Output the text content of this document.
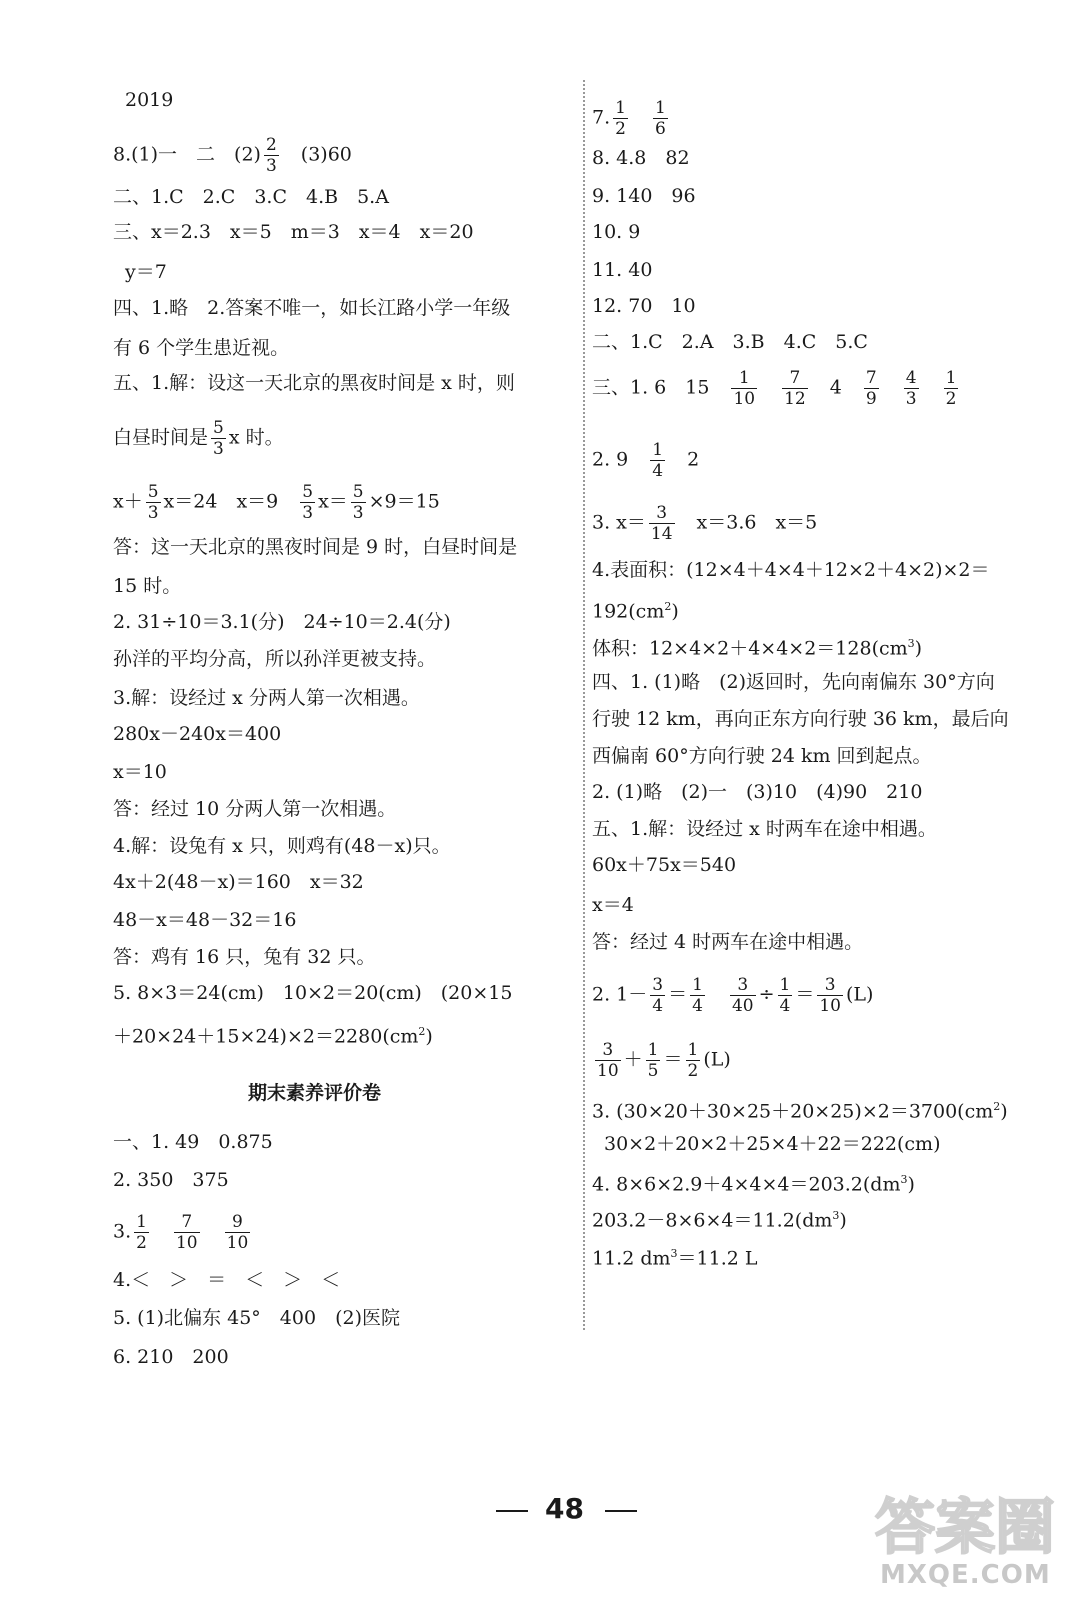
2019
8.(1)一　二　$(2) \frac{2}{3}$ 　(3)60
二、1.C　2.C　3.C　4.B　5.A
三、x＝2.3　x＝5　m＝3　x＝4　x＝20
y＝7
四、1.略　2.答案不唯一，如长江路小学一年级
有 6 个学生患近视。
五、1.解：设这一天北京的黑夜时间是 x 时，则
白昼时间是 $\frac{5}{3}$ x 时。
$x+ \frac{5}{3} x=24$　x＝9　 $\frac{5}{3} x= \frac{5}{3} \times 9=15$
答：这一天北京的黑夜时间是 9 时，白昼时间是
15 时。
2. 31÷10＝3.1(分)　24÷10＝2.4(分)
孙洋的平均分高，所以孙洋更被支持。
3.解：设经过 x 分两人第一次相遇。
280x－240x＝400
x＝10
答：经过 10 分两人第一次相遇。
4.解：设兔有 x 只，则鸡有(48－x)只。
4x＋2(48－x)＝160　x＝32
48－x＝48－32＝16
答：鸡有 16 只，兔有 32 只。
5. 8×3＝24(cm)　10×2＝20(cm)　(20×15
$+20\times 24+15\times 24)\times 2=2280(cm^2)$
期末素养评价卷
一、1. 49　0.875
2. 350　375
3. $\frac{1}{2}$
　 $\frac{7}{10}$
　 $\frac{9}{10}$
4.＜　＞　＝　＜　＞　＜
5. (1)北偏东 45°　400　(2)医院
6. 210　200
7. $\frac{1}{2}$
　 $\frac{1}{6}$
8. 4.8　82
9. 140　96
10. 9
11. 40
12. 70　10
二、1.C　2.A　3.B　4.C　5.C
三、1. 6　15　 $\frac{1}{10}$
　 $\frac{7}{12}$
　 4　 $\frac{7}{9}$
　 $\frac{4}{3}$
　 $\frac{1}{2}$
2. 9　 $\frac{1}{4}$
　 2
3. $x= \frac{3}{14}$ 　x＝3.6　x＝5
4.表面积：(12×4＋4×4＋12×2＋4×2)×2＝
$192(cm^2)$
体积：$12\times 4\times 2+4\times 4\times 2=128(cm^3)$
四、1. (1)略　(2)返回时，先向南偏东 30°方向
行驶 12 km，再向正东方向行驶 36 km，最后向
西偏南 60°方向行驶 24 km 回到起点。
2. (1)略　(2)一　(3)10　(4)90　210
五、1.解：设经过 x 时两车在途中相遇。
60x＋75x＝540
x＝4
答：经过 4 时两车在途中相遇。
2. $1- \frac{3}{4} = \frac{1}{4}$
　 $\frac{3}{40} \div \frac{1}{4} = \frac{3}{10} (L)$
$\frac{3}{10} + \frac{1}{5} = \frac{1}{2} (L)$
3. $(30\times 20+30\times 25+20\times 25)\times 2=3700(cm^2)$
30×2＋20×2＋25×4＋22＝222(cm)
4. $8\times 6\times 2.9+4\times 4\times 4=203.2(dm^3)$
$203.2-8\times 6\times 4=11.2(dm^3)$
11.2 $dm^3=11.2$ L
48	答案圈
MXQE.COM
